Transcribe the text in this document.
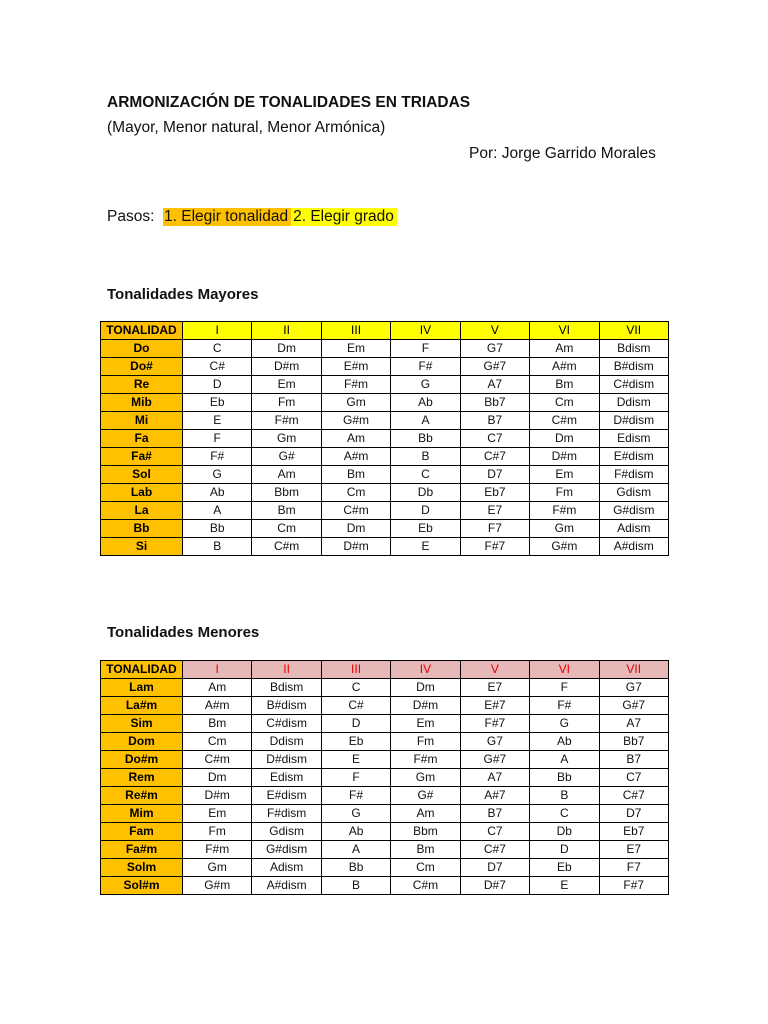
ARMONIZACIÓN DE TONALIDADES EN TRIADAS
(Mayor, Menor natural, Menor Armónica)
Por: Jorge Garrido Morales
Pasos: 1. Elegir tonalidad 2. Elegir grado
Tonalidades Mayores
TONALIDAD	I	II	III	IV	V	VI	VII
Do	C	Dm	Em	F	G7	Am	Bdism
Do#	C#	D#m	E#m	F#	G#7	A#m	B#dism
Re	D	Em	F#m	G	A7	Bm	C#dism
Mib	Eb	Fm	Gm	Ab	Bb7	Cm	Ddism
Mi	E	F#m	G#m	A	B7	C#m	D#dism
Fa	F	Gm	Am	Bb	C7	Dm	Edism
Fa#	F#	G#	A#m	B	C#7	D#m	E#dism
Sol	G	Am	Bm	C	D7	Em	F#dism
Lab	Ab	Bbm	Cm	Db	Eb7	Fm	Gdism
La	A	Bm	C#m	D	E7	F#m	G#dism
Bb	Bb	Cm	Dm	Eb	F7	Gm	Adism
Si	B	C#m	D#m	E	F#7	G#m	A#dism
Tonalidades Menores
TONALIDAD	I	II	III	IV	V	VI	VII
Lam	Am	Bdism	C	Dm	E7	F	G7
La#m	A#m	B#dism	C#	D#m	E#7	F#	G#7
Sim	Bm	C#dism	D	Em	F#7	G	A7
Dom	Cm	Ddism	Eb	Fm	G7	Ab	Bb7
Do#m	C#m	D#dism	E	F#m	G#7	A	B7
Rem	Dm	Edism	F	Gm	A7	Bb	C7
Re#m	D#m	E#dism	F#	G#	A#7	B	C#7
Mim	Em	F#dism	G	Am	B7	C	D7
Fam	Fm	Gdism	Ab	Bbm	C7	Db	Eb7
Fa#m	F#m	G#dism	A	Bm	C#7	D	E7
Solm	Gm	Adism	Bb	Cm	D7	Eb	F7
Sol#m	G#m	A#dism	B	C#m	D#7	E	F#7
